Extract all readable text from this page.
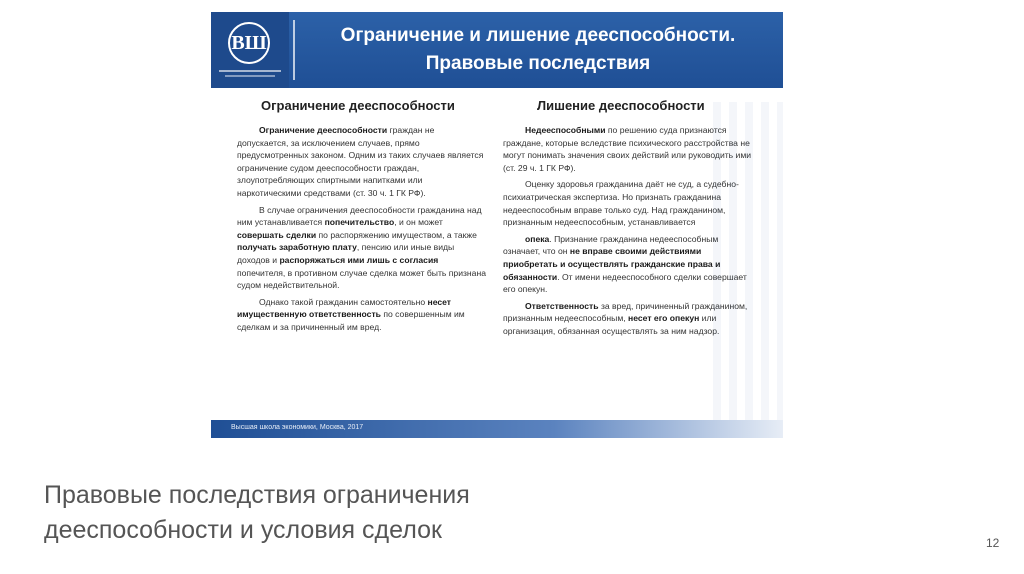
ВШ	Ограничение и лишение дееспособности.
Правовые последствия
Ограничение дееспособности	Лишение дееспособности

Ограничение дееспособности граждан не допускается, за исключением случаев, прямо предусмотренных законом. Одним из таких случаев является ограничение судом дееспособности граждан, злоупотребляющих спиртными напитками или наркотическими средствами (ст. 30 ч. 1 ГК РФ).

В случае ограничения дееспособности гражданина над ним устанавливается попечительство, и он может совершать сделки по распоряжению имуществом, а также получать заработную плату, пенсию или иные виды доходов и распоряжаться ими лишь с согласия попечителя, в противном случае сделка может быть признана судом недействительной.

Однако такой гражданин самостоятельно несет имущественную ответственность по совершенным им сделкам и за причиненный им вред.

Недееспособными по решению суда признаются граждане, которые вследствие психического расстройства не могут понимать значения своих действий или руководить ими (ст. 29 ч. 1 ГК РФ).

Оценку здоровья гражданина даёт не суд, а судебно-психиатрическая экспертиза. Но признать гражданина недееспособным вправе только суд. Над гражданином, признанным недееспособным, устанавливается

опека. Признание гражданина недееспособным означает, что он не вправе своими действиями приобретать и осуществлять гражданские права и обязанности. От имени недееспособного сделки совершает его опекун.

Ответственность за вред, причиненный гражданином, признанным недееспособным, несет его опекун или организация, обязанная осуществлять за ним надзор.

Высшая школа экономики, Москва, 2017
Правовые последствия ограничения
дееспособности и условия сделок	12
